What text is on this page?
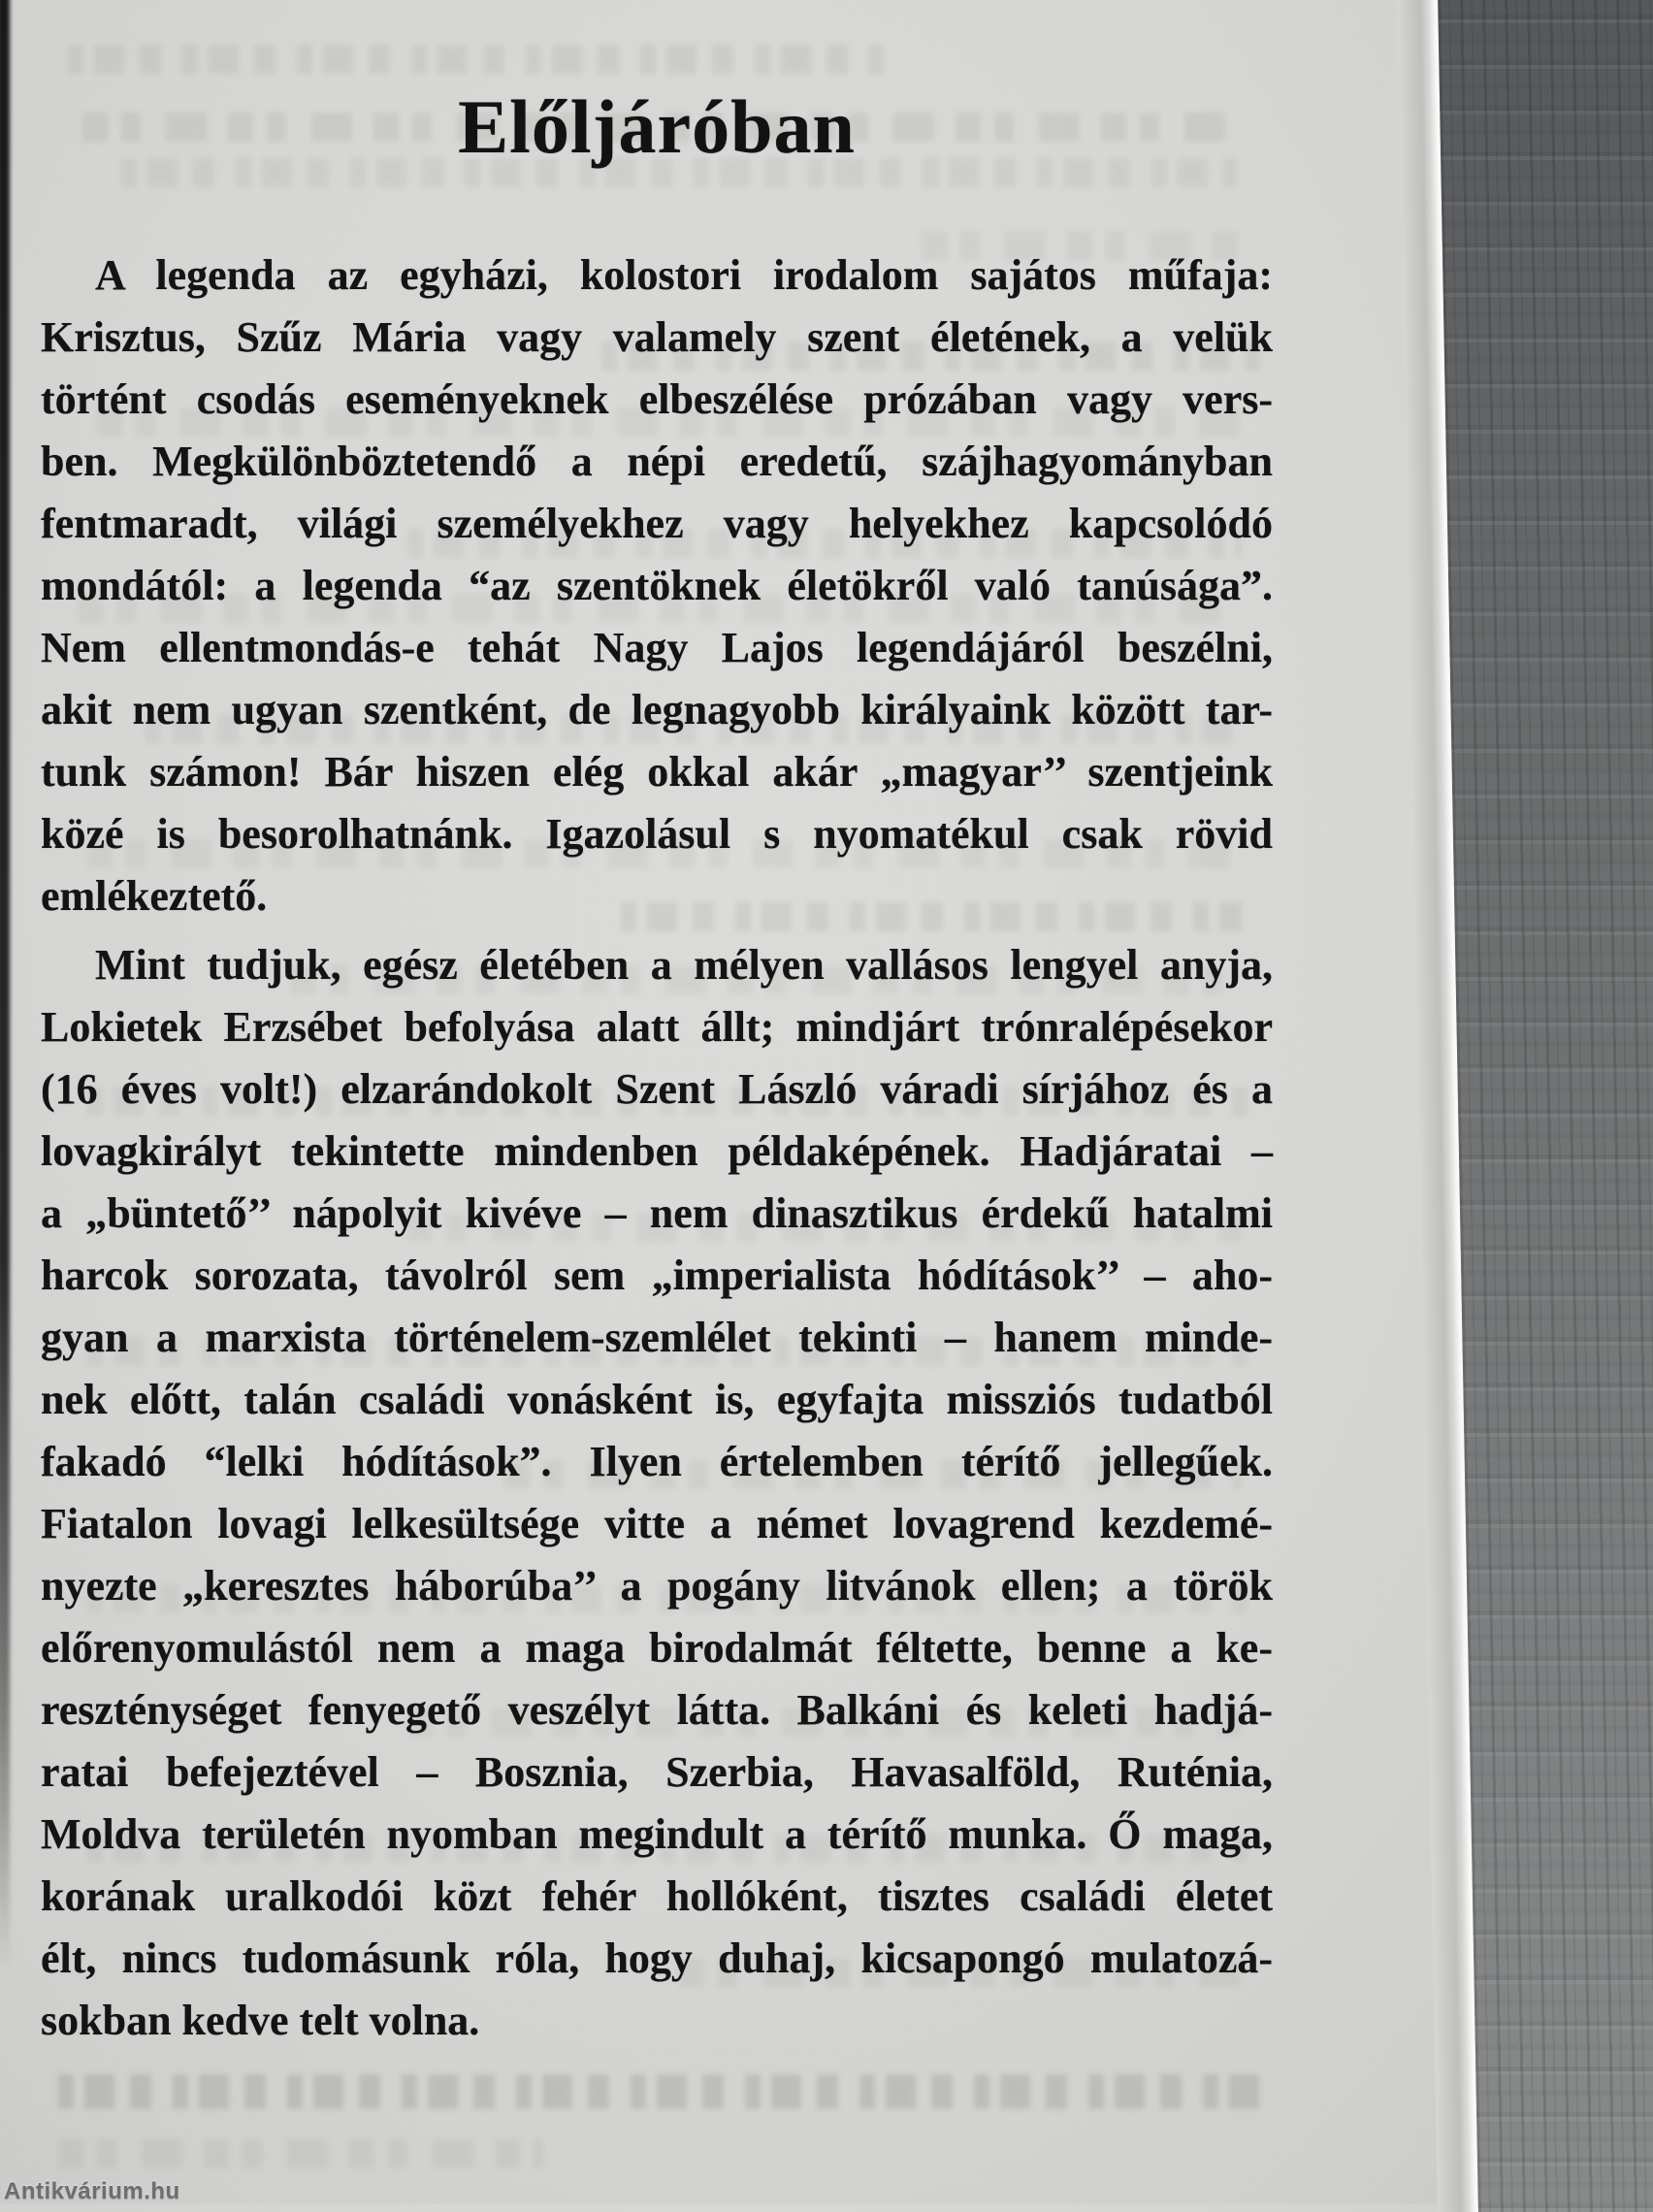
Előljáróban
A legenda az egyházi, kolostori irodalom sajátos műfaja:
Krisztus, Szűz Mária vagy valamely szent életének, a velük
történt csodás eseményeknek elbeszélése prózában vagy vers-
ben. Megkülönböztetendő a népi eredetű, szájhagyományban
fentmaradt, világi személyekhez vagy helyekhez kapcsolódó
mondától: a legenda “az szentöknek életökről való tanúsága”.
Nem ellentmondás-e tehát Nagy Lajos legendájáról beszélni,
akit nem ugyan szentként, de legnagyobb királyaink között tar-
tunk számon! Bár hiszen elég okkal akár „magyar’’ szentjeink
közé is besorolhatnánk. Igazolásul s nyomatékul csak rövid
emlékeztető.
Mint tudjuk, egész életében a mélyen vallásos lengyel anyja,
Lokietek Erzsébet befolyása alatt állt; mindjárt trónralépésekor
(16 éves volt!) elzarándokolt Szent László váradi sírjához és a
lovagkirályt tekintette mindenben példaképének. Hadjáratai –
a „büntető’’ nápolyit kivéve – nem dinasztikus érdekű hatalmi
harcok sorozata, távolról sem „imperialista hódítások’’ – aho-
gyan a marxista történelem-szemlélet tekinti – hanem minde-
nek előtt, talán családi vonásként is, egyfajta missziós tudatból
fakadó “lelki hódítások”. Ilyen értelemben térítő jellegűek.
Fiatalon lovagi lelkesültsége vitte a német lovagrend kezdemé-
nyezte „keresztes háborúba’’ a pogány litvánok ellen; a török
előrenyomulástól nem a maga birodalmát féltette, benne a ke-
reszténységet fenyegető veszélyt látta. Balkáni és keleti hadjá-
ratai befejeztével – Bosznia, Szerbia, Havasalföld, Ruténia,
Moldva területén nyomban megindult a térítő munka. Ő maga,
korának uralkodói közt fehér hollóként, tisztes családi életet
élt, nincs tudomásunk róla, hogy duhaj, kicsapongó mulatozá-
sokban kedve telt volna.
Antikvárium.hu
